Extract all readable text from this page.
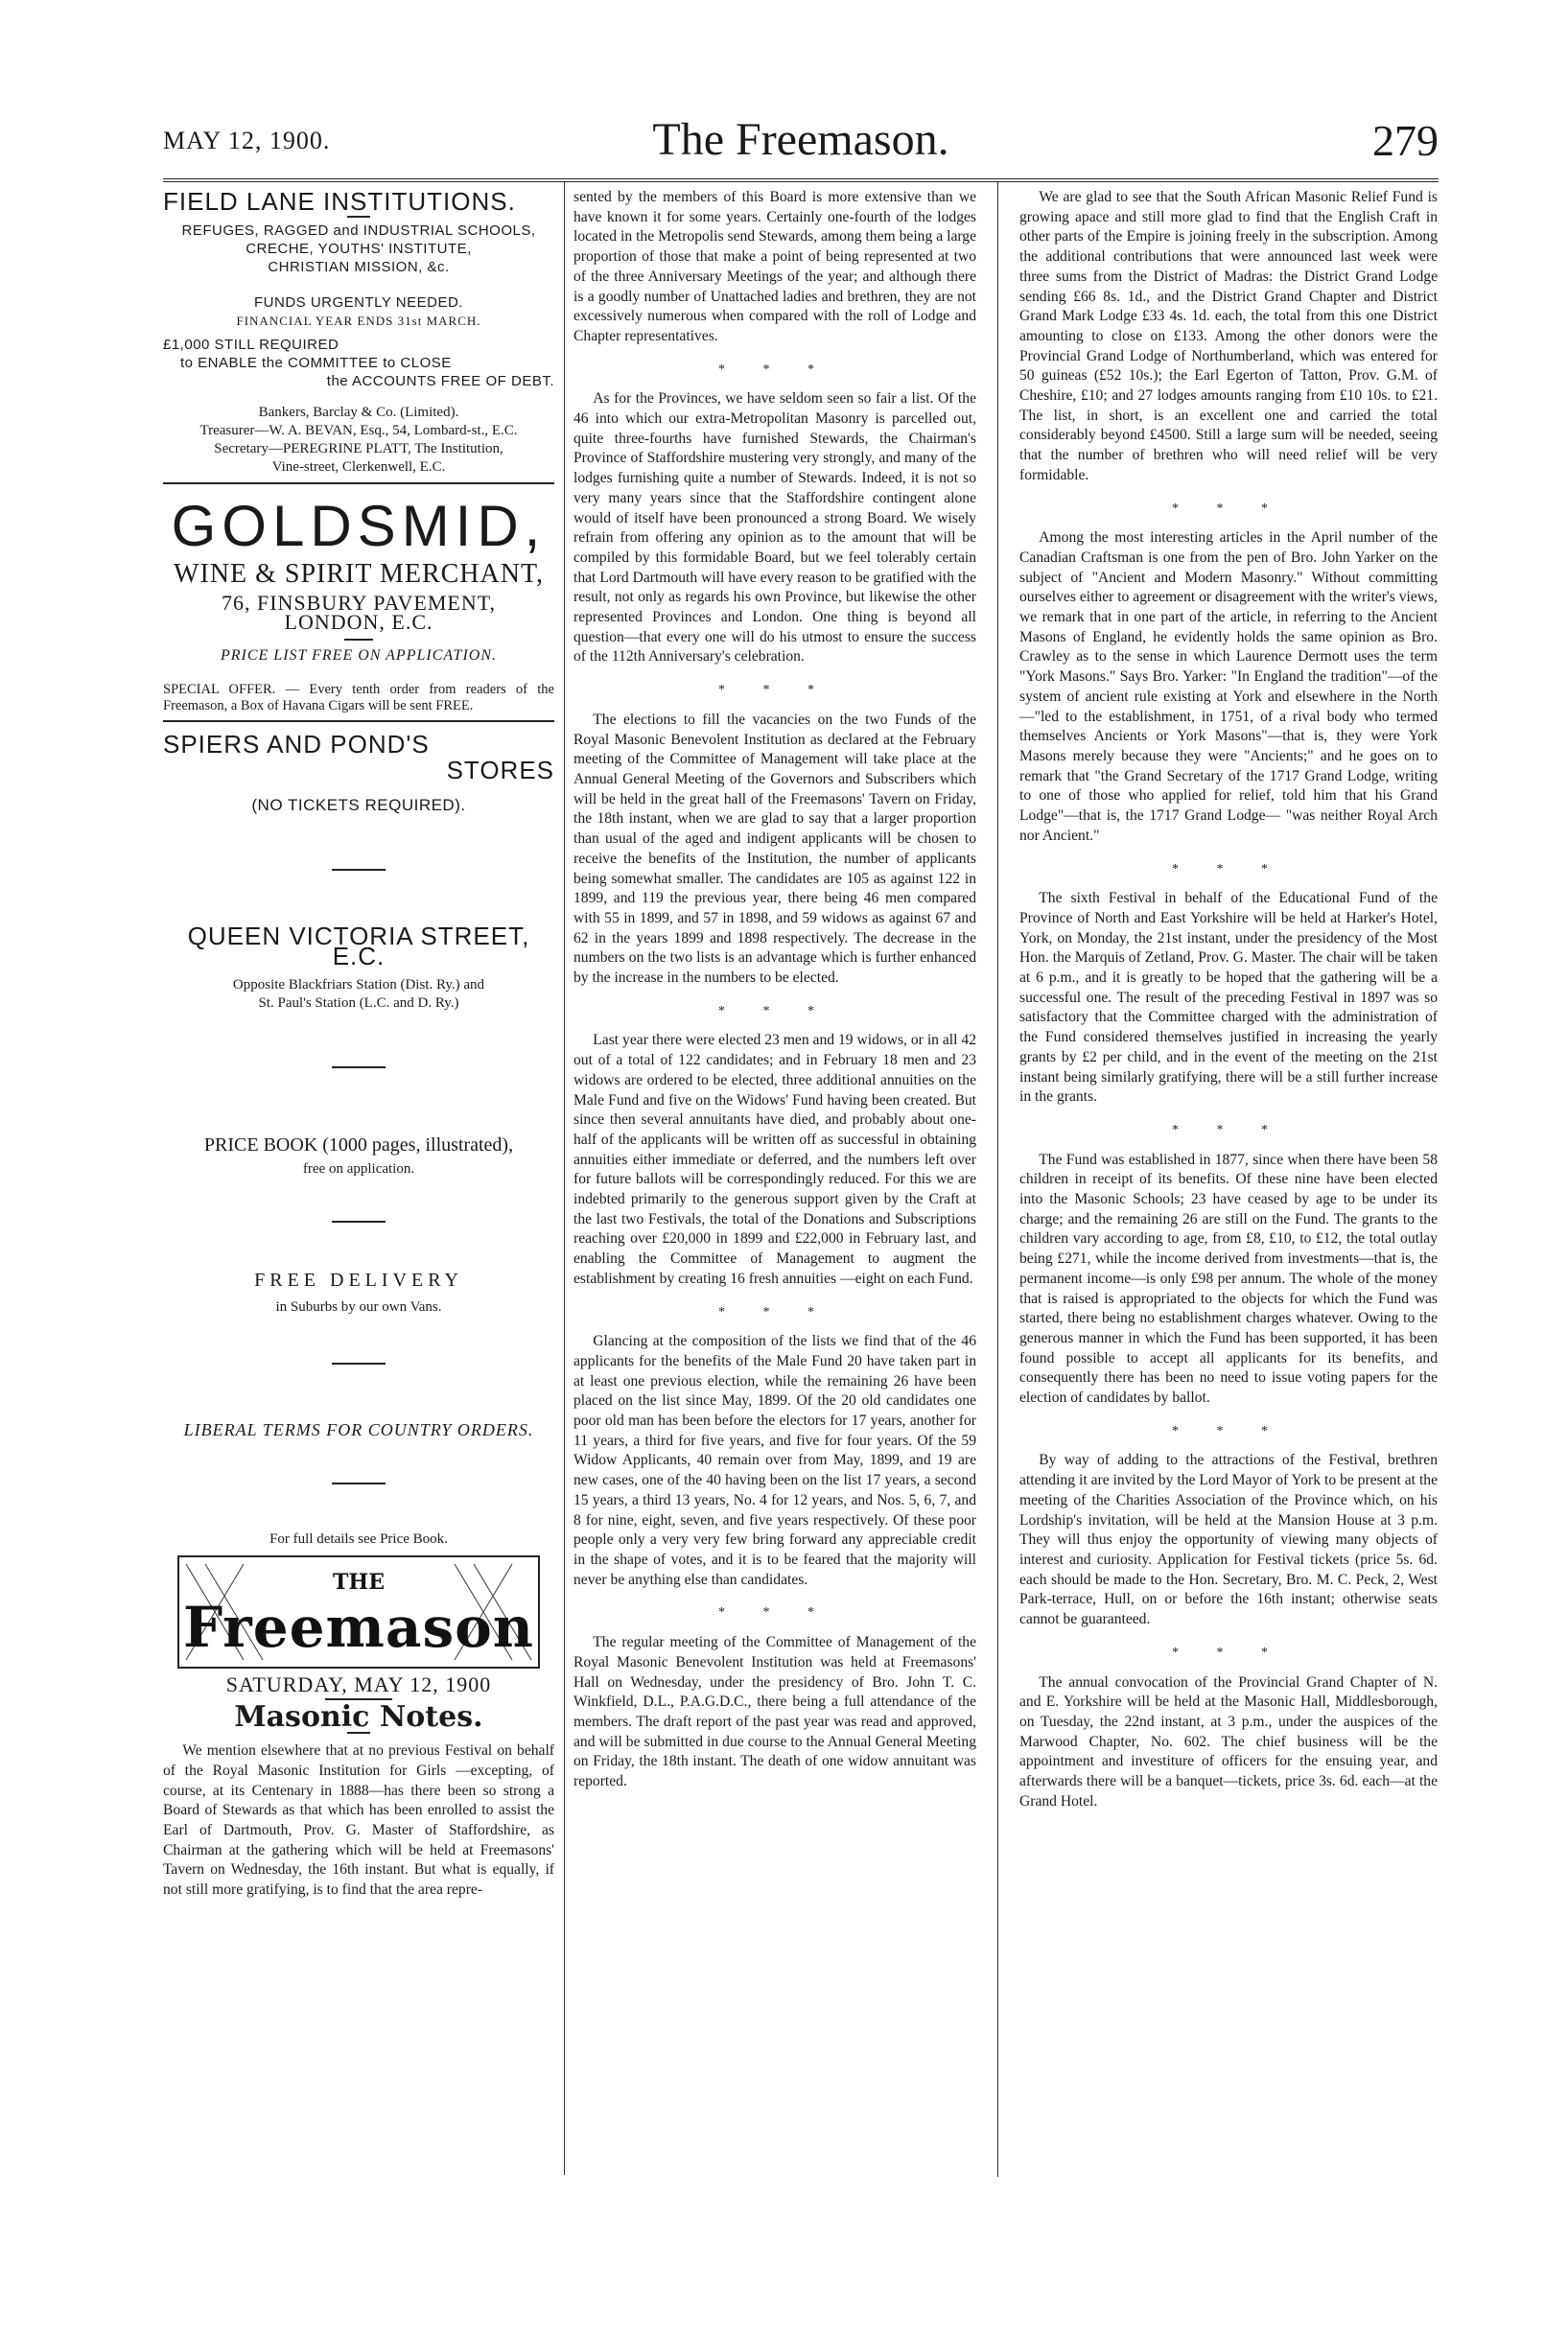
MAY 12, 1900.	The Freemason.	279
FIELD LANE INSTITUTIONS.
REFUGES, RAGGED and INDUSTRIAL SCHOOLS,
CRECHE, YOUTHS' INSTITUTE,
CHRISTIAN MISSION, &c.
FUNDS URGENTLY NEEDED.
FINANCIAL YEAR ENDS 31st MARCH.
£1,000 STILL REQUIRED
to ENABLE the COMMITTEE to CLOSE
the ACCOUNTS FREE OF DEBT.
Bankers, Barclay & Co. (Limited).
Treasurer—W. A. BEVAN, Esq., 54, Lombard-st., E.C.
Secretary—PEREGRINE PLATT, The Institution,
Vine-street, Clerkenwell, E.C.
GOLDSMID,
WINE & SPIRIT MERCHANT,
76, FINSBURY PAVEMENT,
LONDON, E.C.
PRICE LIST FREE ON APPLICATION.
SPECIAL OFFER. — Every tenth order from readers of the Freemason, a Box of Havana Cigars will be sent FREE.
SPIERS AND POND'S
STORES
(NO TICKETS REQUIRED).
QUEEN VICTORIA STREET, E.C.
Opposite Blackfriars Station (Dist. Ry.) and
St. Paul's Station (L.C. and D. Ry.)
PRICE BOOK (1000 pages, illustrated),
free on application.
FREE DELIVERY
in Suburbs by our own Vans.
LIBERAL TERMS FOR COUNTRY ORDERS.
For full details see Price Book.
THE
Freemason
SATURDAY, MAY 12, 1900
Masonic Notes.

We mention elsewhere that at no previous Festival on behalf of the Royal Masonic Institution for Girls —excepting, of course, at its Centenary in 1888—has there been so strong a Board of Stewards as that which has been enrolled to assist the Earl of Dartmouth, Prov. G. Master of Staffordshire, as Chairman at the gathering which will be held at Freemasons' Tavern on Wednesday, the 16th instant. But what is equally, if not still more gratifying, is to find that the area repre-

sented by the members of this Board is more extensive than we have known it for some years. Certainly one-fourth of the lodges located in the Metropolis send Stewards, among them being a large proportion of those that make a point of being represented at two of the three Anniversary Meetings of the year; and although there is a goodly number of Unattached ladies and brethren, they are not excessively numerous when compared with the roll of Lodge and Chapter representatives.

* * *

As for the Provinces, we have seldom seen so fair a list. Of the 46 into which our extra-Metropolitan Masonry is parcelled out, quite three-fourths have furnished Stewards, the Chairman's Province of Staffordshire mustering very strongly, and many of the lodges furnishing quite a number of Stewards. Indeed, it is not so very many years since that the Staffordshire contingent alone would of itself have been pronounced a strong Board. We wisely refrain from offering any opinion as to the amount that will be compiled by this formidable Board, but we feel tolerably certain that Lord Dartmouth will have every reason to be gratified with the result, not only as regards his own Province, but likewise the other represented Provinces and London. One thing is beyond all question—that every one will do his utmost to ensure the success of the 112th Anniversary's celebration.

* * *

The elections to fill the vacancies on the two Funds of the Royal Masonic Benevolent Institution as declared at the February meeting of the Committee of Management will take place at the Annual General Meeting of the Governors and Subscribers which will be held in the great hall of the Freemasons' Tavern on Friday, the 18th instant, when we are glad to say that a larger proportion than usual of the aged and indigent applicants will be chosen to receive the benefits of the Institution, the number of applicants being somewhat smaller. The candidates are 105 as against 122 in 1899, and 119 the previous year, there being 46 men compared with 55 in 1899, and 57 in 1898, and 59 widows as against 67 and 62 in the years 1899 and 1898 respectively. The decrease in the numbers on the two lists is an advantage which is further enhanced by the increase in the numbers to be elected.

* * *

Last year there were elected 23 men and 19 widows, or in all 42 out of a total of 122 candidates; and in February 18 men and 23 widows are ordered to be elected, three additional annuities on the Male Fund and five on the Widows' Fund having been created. But since then several annuitants have died, and probably about one-half of the applicants will be written off as successful in obtaining annuities either immediate or deferred, and the numbers left over for future ballots will be correspondingly reduced. For this we are indebted primarily to the generous support given by the Craft at the last two Festivals, the total of the Donations and Subscriptions reaching over £20,000 in 1899 and £22,000 in February last, and enabling the Committee of Management to augment the establishment by creating 16 fresh annuities —eight on each Fund.

* * *

Glancing at the composition of the lists we find that of the 46 applicants for the benefits of the Male Fund 20 have taken part in at least one previous election, while the remaining 26 have been placed on the list since May, 1899. Of the 20 old candidates one poor old man has been before the electors for 17 years, another for 11 years, a third for five years, and five for four years. Of the 59 Widow Applicants, 40 remain over from May, 1899, and 19 are new cases, one of the 40 having been on the list 17 years, a second 15 years, a third 13 years, No. 4 for 12 years, and Nos. 5, 6, 7, and 8 for nine, eight, seven, and five years respectively. Of these poor people only a very very few bring forward any appreciable credit in the shape of votes, and it is to be feared that the majority will never be anything else than candidates.

* * *

The regular meeting of the Committee of Management of the Royal Masonic Benevolent Institution was held at Freemasons' Hall on Wednesday, under the presidency of Bro. John T. C. Winkfield, D.L., P.A.G.D.C., there being a full attendance of the members. The draft report of the past year was read and approved, and will be submitted in due course to the Annual General Meeting on Friday, the 18th instant. The death of one widow annuitant was reported.

We are glad to see that the South African Masonic Relief Fund is growing apace and still more glad to find that the English Craft in other parts of the Empire is joining freely in the subscription. Among the additional contributions that were announced last week were three sums from the District of Madras: the District Grand Lodge sending £66 8s. 1d., and the District Grand Chapter and District Grand Mark Lodge £33 4s. 1d. each, the total from this one District amounting to close on £133. Among the other donors were the Provincial Grand Lodge of Northumberland, which was entered for 50 guineas (£52 10s.); the Earl Egerton of Tatton, Prov. G.M. of Cheshire, £10; and 27 lodges amounts ranging from £10 10s. to £21. The list, in short, is an excellent one and carried the total considerably beyond £4500. Still a large sum will be needed, seeing that the number of brethren who will need relief will be very formidable.

* * *

Among the most interesting articles in the April number of the Canadian Craftsman is one from the pen of Bro. John Yarker on the subject of "Ancient and Modern Masonry." Without committing ourselves either to agreement or disagreement with the writer's views, we remark that in one part of the article, in referring to the Ancient Masons of England, he evidently holds the same opinion as Bro. Crawley as to the sense in which Laurence Dermott uses the term "York Masons." Says Bro. Yarker: "In England the tradition"—of the system of ancient rule existing at York and elsewhere in the North—"led to the establishment, in 1751, of a rival body who termed themselves Ancients or York Masons"—that is, they were York Masons merely because they were "Ancients;" and he goes on to remark that "the Grand Secretary of the 1717 Grand Lodge, writing to one of those who applied for relief, told him that his Grand Lodge"—that is, the 1717 Grand Lodge— "was neither Royal Arch nor Ancient."

* * *

The sixth Festival in behalf of the Educational Fund of the Province of North and East Yorkshire will be held at Harker's Hotel, York, on Monday, the 21st instant, under the presidency of the Most Hon. the Marquis of Zetland, Prov. G. Master. The chair will be taken at 6 p.m., and it is greatly to be hoped that the gathering will be a successful one. The result of the preceding Festival in 1897 was so satisfactory that the Committee charged with the administration of the Fund considered themselves justified in increasing the yearly grants by £2 per child, and in the event of the meeting on the 21st instant being similarly gratifying, there will be a still further increase in the grants.

* * *

The Fund was established in 1877, since when there have been 58 children in receipt of its benefits. Of these nine have been elected into the Masonic Schools; 23 have ceased by age to be under its charge; and the remaining 26 are still on the Fund. The grants to the children vary according to age, from £8, £10, to £12, the total outlay being £271, while the income derived from investments—that is, the permanent income—is only £98 per annum. The whole of the money that is raised is appropriated to the objects for which the Fund was started, there being no establishment charges whatever. Owing to the generous manner in which the Fund has been supported, it has been found possible to accept all applicants for its benefits, and consequently there has been no need to issue voting papers for the election of candidates by ballot.

* * *

By way of adding to the attractions of the Festival, brethren attending it are invited by the Lord Mayor of York to be present at the meeting of the Charities Association of the Province which, on his Lordship's invitation, will be held at the Mansion House at 3 p.m. They will thus enjoy the opportunity of viewing many objects of interest and curiosity. Application for Festival tickets (price 5s. 6d. each should be made to the Hon. Secretary, Bro. M. C. Peck, 2, West Park-terrace, Hull, on or before the 16th instant; otherwise seats cannot be guaranteed.

* * *

The annual convocation of the Provincial Grand Chapter of N. and E. Yorkshire will be held at the Masonic Hall, Middlesborough, on Tuesday, the 22nd instant, at 3 p.m., under the auspices of the Marwood Chapter, No. 602. The chief business will be the appointment and investiture of officers for the ensuing year, and afterwards there will be a banquet—tickets, price 3s. 6d. each—at the Grand Hotel.
